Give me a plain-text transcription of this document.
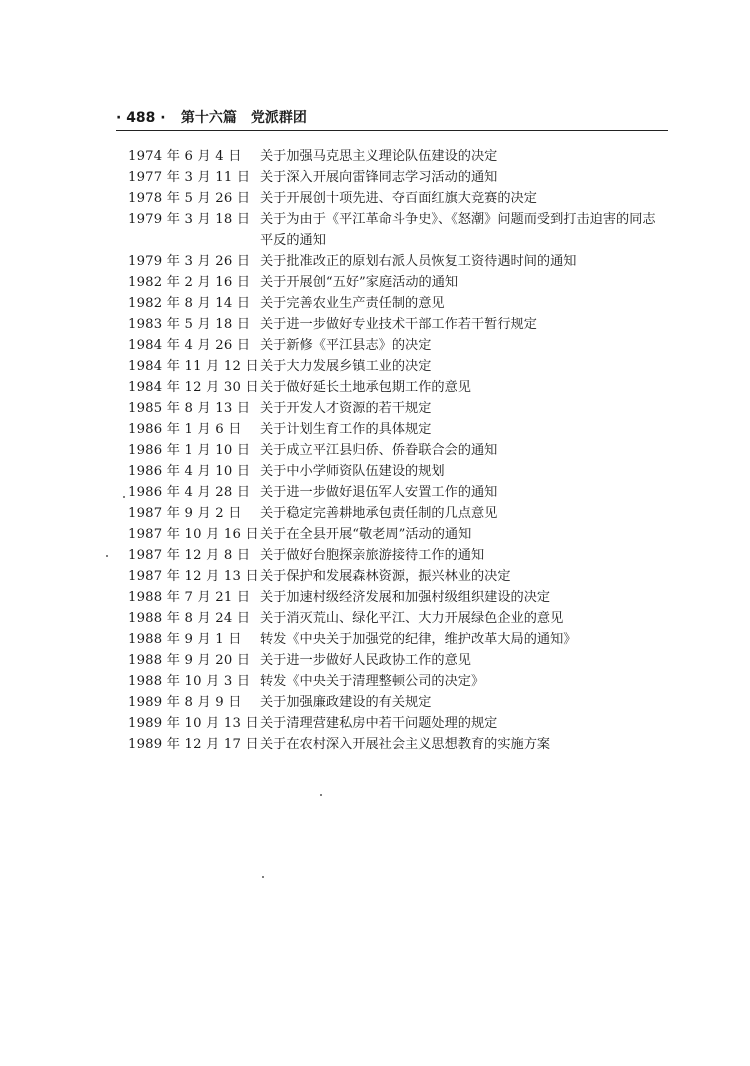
· 488 · 第十六篇　党派群团
1974 年 6 月 4 日	关于加强马克思主义理论队伍建设的决定
1977 年 3 月 11 日 关于深入开展向雷锋同志学习活动的通知
1978 年 5 月 26 日 关于开展创十项先进、夺百面红旗大竞赛的决定
1979 年 3 月 18 日 关于为由于《平江革命斗争史》、《怒潮》问题而受到打击迫害的同志
平反的通知
1979 年 3 月 26 日 关于批准改正的原划右派人员恢复工资待遇时间的通知
1982 年 2 月 16 日 关于开展创“五好”家庭活动的通知
1982 年 8 月 14 日 关于完善农业生产责任制的意见
1983 年 5 月 18 日 关于进一步做好专业技术干部工作若干暂行规定
1984 年 4 月 26 日 关于新修《平江县志》的决定
1984 年 11 月 12 日 关于大力发展乡镇工业的决定
1984 年 12 月 30 日 关于做好延长土地承包期工作的意见
1985 年 8 月 13 日 关于开发人才资源的若干规定
1986 年 1 月 6 日	关于计划生育工作的具体规定
1986 年 1 月 10 日 关于成立平江县归侨、侨眷联合会的通知
1986 年 4 月 10 日 关于中小学师资队伍建设的规划
1986 年 4 月 28 日 关于进一步做好退伍军人安置工作的通知
1987 年 9 月 2 日	关于稳定完善耕地承包责任制的几点意见
1987 年 10 月 16 日 关于在全县开展“敬老周”活动的通知
1987 年 12 月 8 日 关于做好台胞探亲旅游接待工作的通知
1987 年 12 月 13 日 关于保护和发展森林资源，振兴林业的决定
1988 年 7 月 21 日 关于加速村级经济发展和加强村级组织建设的决定
1988 年 8 月 24 日 关于消灭荒山、绿化平江、大力开展绿色企业的意见
1988 年 9 月 1 日	转发《中央关于加强党的纪律，维护改革大局的通知》
1988 年 9 月 20 日 关于进一步做好人民政协工作的意见
1988 年 10 月 3 日 转发《中央关于清理整顿公司的决定》
1989 年 8 月 9 日	关于加强廉政建设的有关规定
1989 年 10 月 13 日 关于清理营建私房中若干问题处理的规定
1989 年 12 月 17 日 关于在农村深入开展社会主义思想教育的实施方案
